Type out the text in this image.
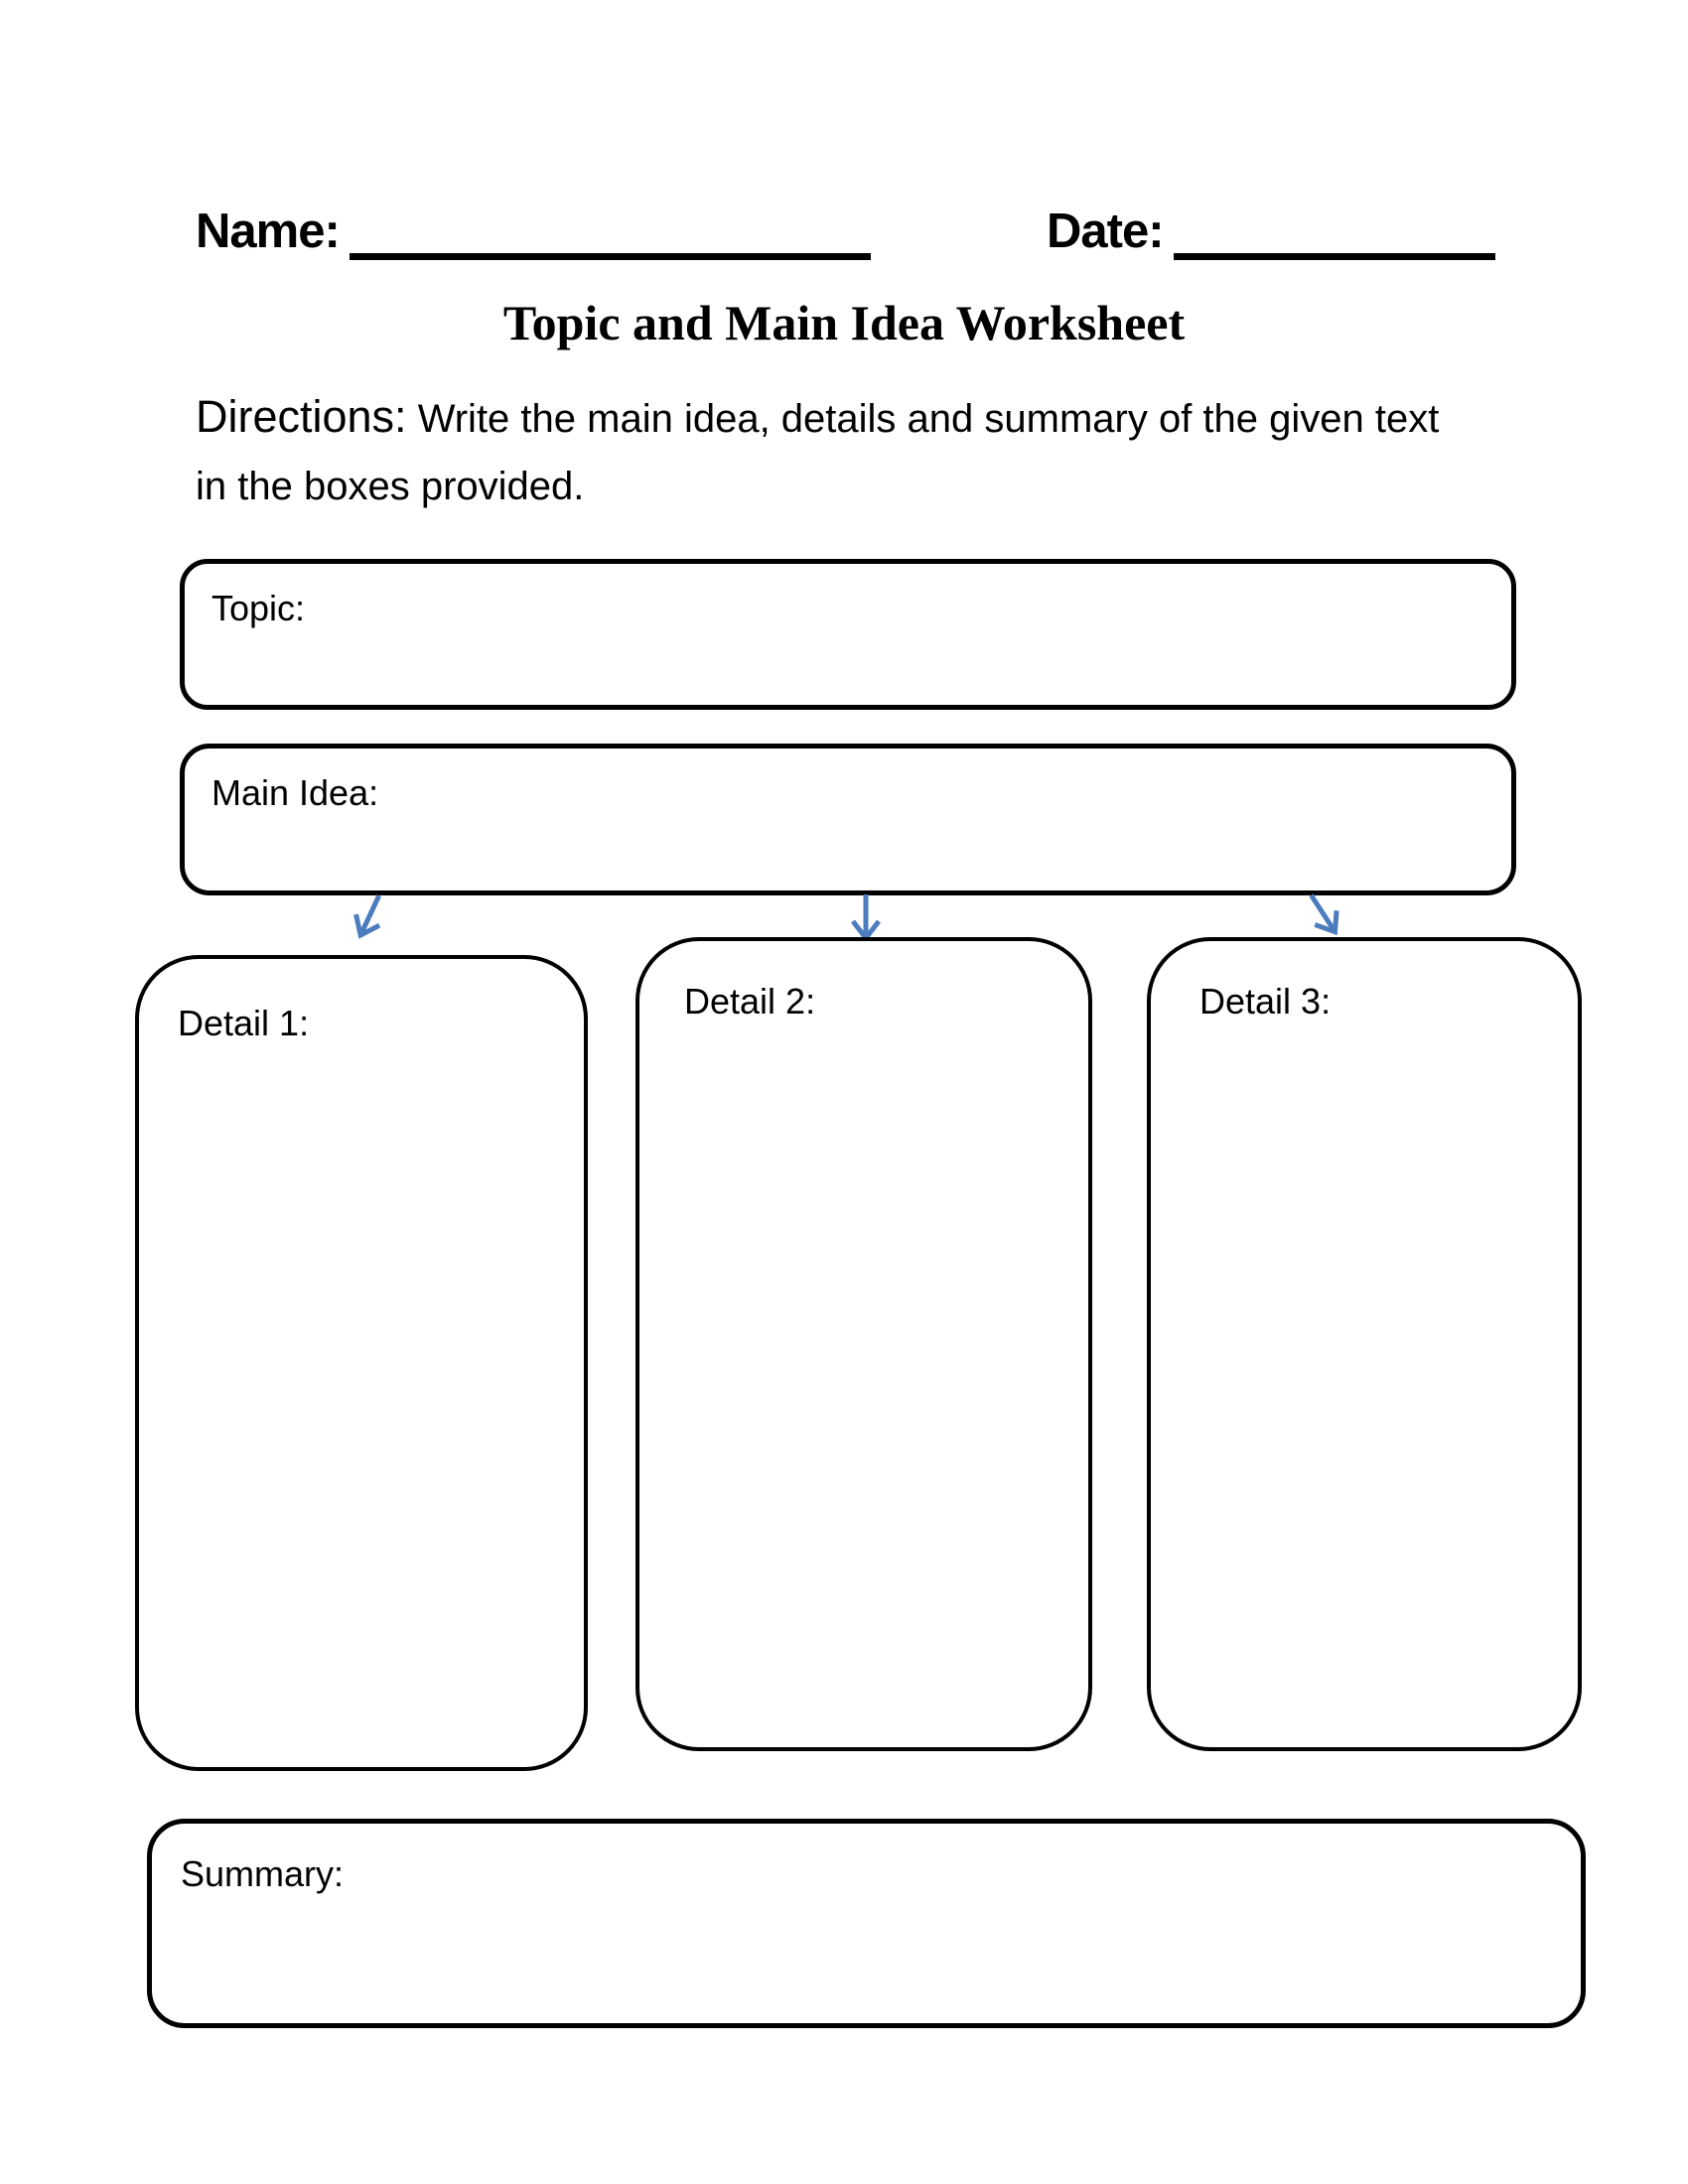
Name:	Date:
Topic and Main Idea Worksheet
Directions: Write the main idea, details and summary of the given text
in the boxes provided.
Topic:
Main Idea:
Detail 1:
Detail 2:	Detail 3:
Summary:
